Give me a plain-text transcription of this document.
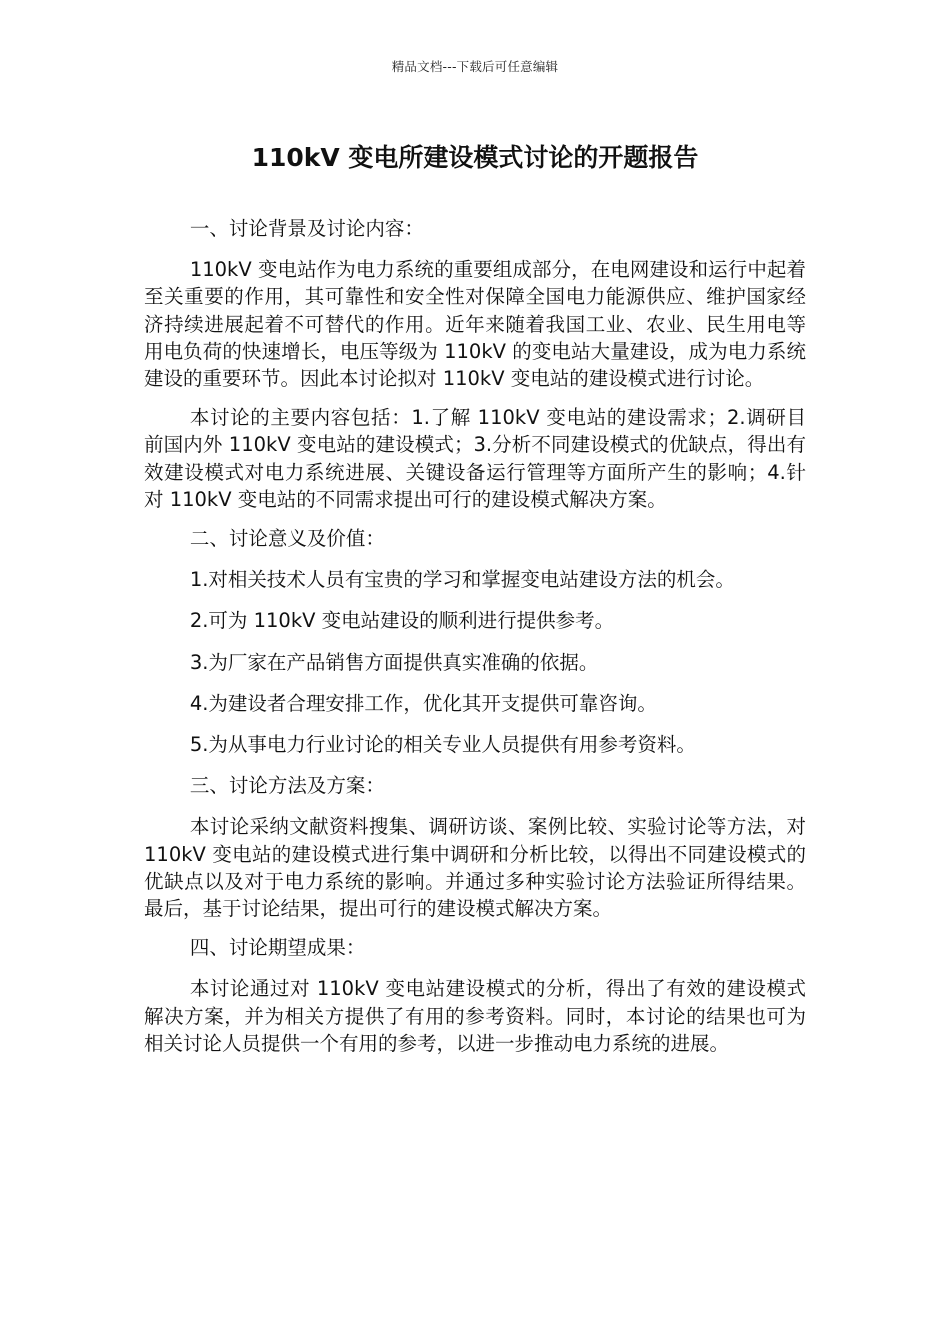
精品文档---下载后可任意编辑
110kV 变电所建设模式讨论的开题报告

一、讨论背景及讨论内容：

110kV 变电站作为电力系统的重要组成部分，在电网建设和运行中起着至关重要的作用，其可靠性和安全性对保障全国电力能源供应、维护国家经济持续进展起着不可替代的作用。近年来随着我国工业、农业、民生用电等用电负荷的快速增长，电压等级为 110kV 的变电站大量建设，成为电力系统建设的重要环节。因此本讨论拟对 110kV 变电站的建设模式进行讨论。

本讨论的主要内容包括：1.了解 110kV 变电站的建设需求；2.调研目前国内外 110kV 变电站的建设模式；3.分析不同建设模式的优缺点，得出有效建设模式对电力系统进展、关键设备运行管理等方面所产生的影响；4.针对 110kV 变电站的不同需求提出可行的建设模式解决方案。

二、讨论意义及价值：

1.对相关技术人员有宝贵的学习和掌握变电站建设方法的机会。

2.可为 110kV 变电站建设的顺利进行提供参考。

3.为厂家在产品销售方面提供真实准确的依据。

4.为建设者合理安排工作，优化其开支提供可靠咨询。

5.为从事电力行业讨论的相关专业人员提供有用参考资料。

三、讨论方法及方案：

本讨论采纳文献资料搜集、调研访谈、案例比较、实验讨论等方法，对 110kV 变电站的建设模式进行集中调研和分析比较，以得出不同建设模式的优缺点以及对于电力系统的影响。并通过多种实验讨论方法验证所得结果。最后，基于讨论结果，提出可行的建设模式解决方案。

四、讨论期望成果：

本讨论通过对 110kV 变电站建设模式的分析，得出了有效的建设模式解决方案，并为相关方提供了有用的参考资料。同时，本讨论的结果也可为相关讨论人员提供一个有用的参考，以进一步推动电力系统的进展。
